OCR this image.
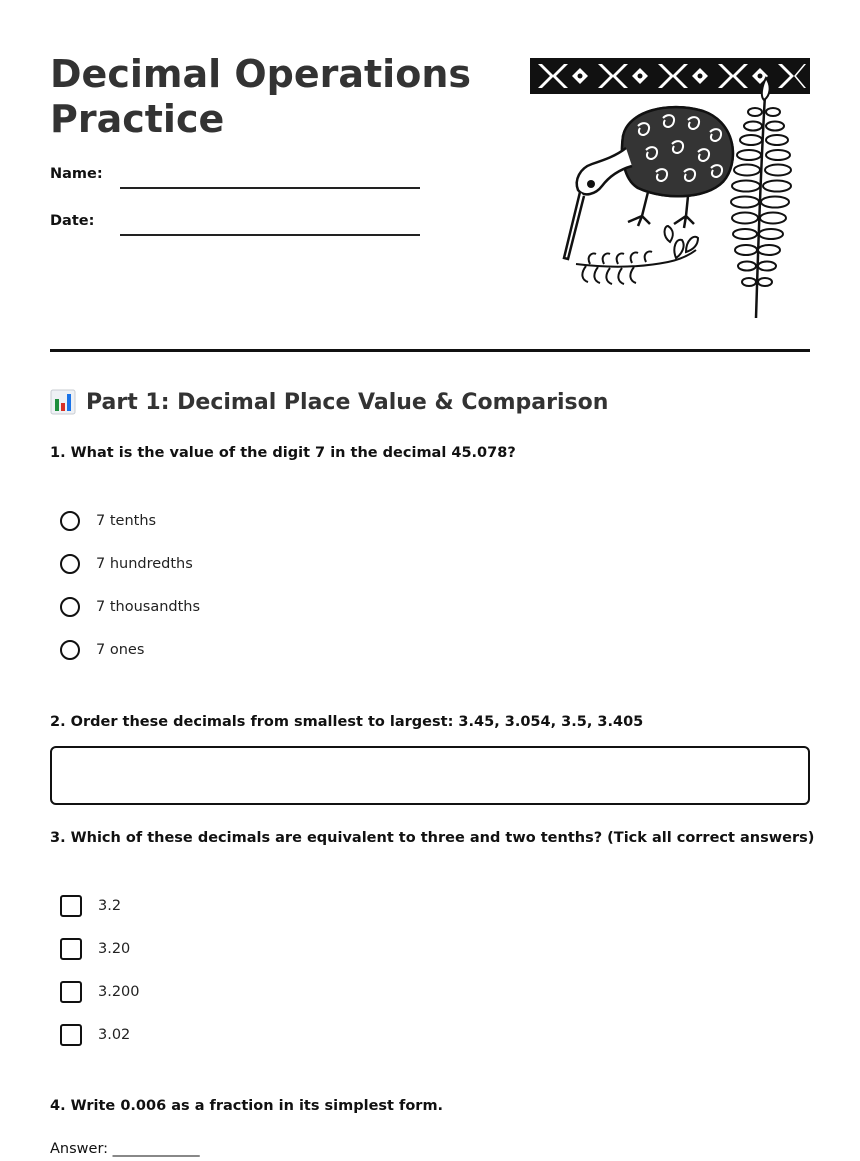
Decimal Operations Practice
Name:
Date:
Part 1: Decimal Place Value & Comparison
1. What is the value of the digit 7 in the decimal 45.078?
7 tenths
7 hundredths
7 thousandths
7 ones
2. Order these decimals from smallest to largest: 3.45, 3.054, 3.5, 3.405
3. Which of these decimals are equivalent to three and two tenths? (Tick all correct answers)
3.2
3.20
3.200
3.02
4. Write 0.006 as a fraction in its simplest form.
Answer: ____________
